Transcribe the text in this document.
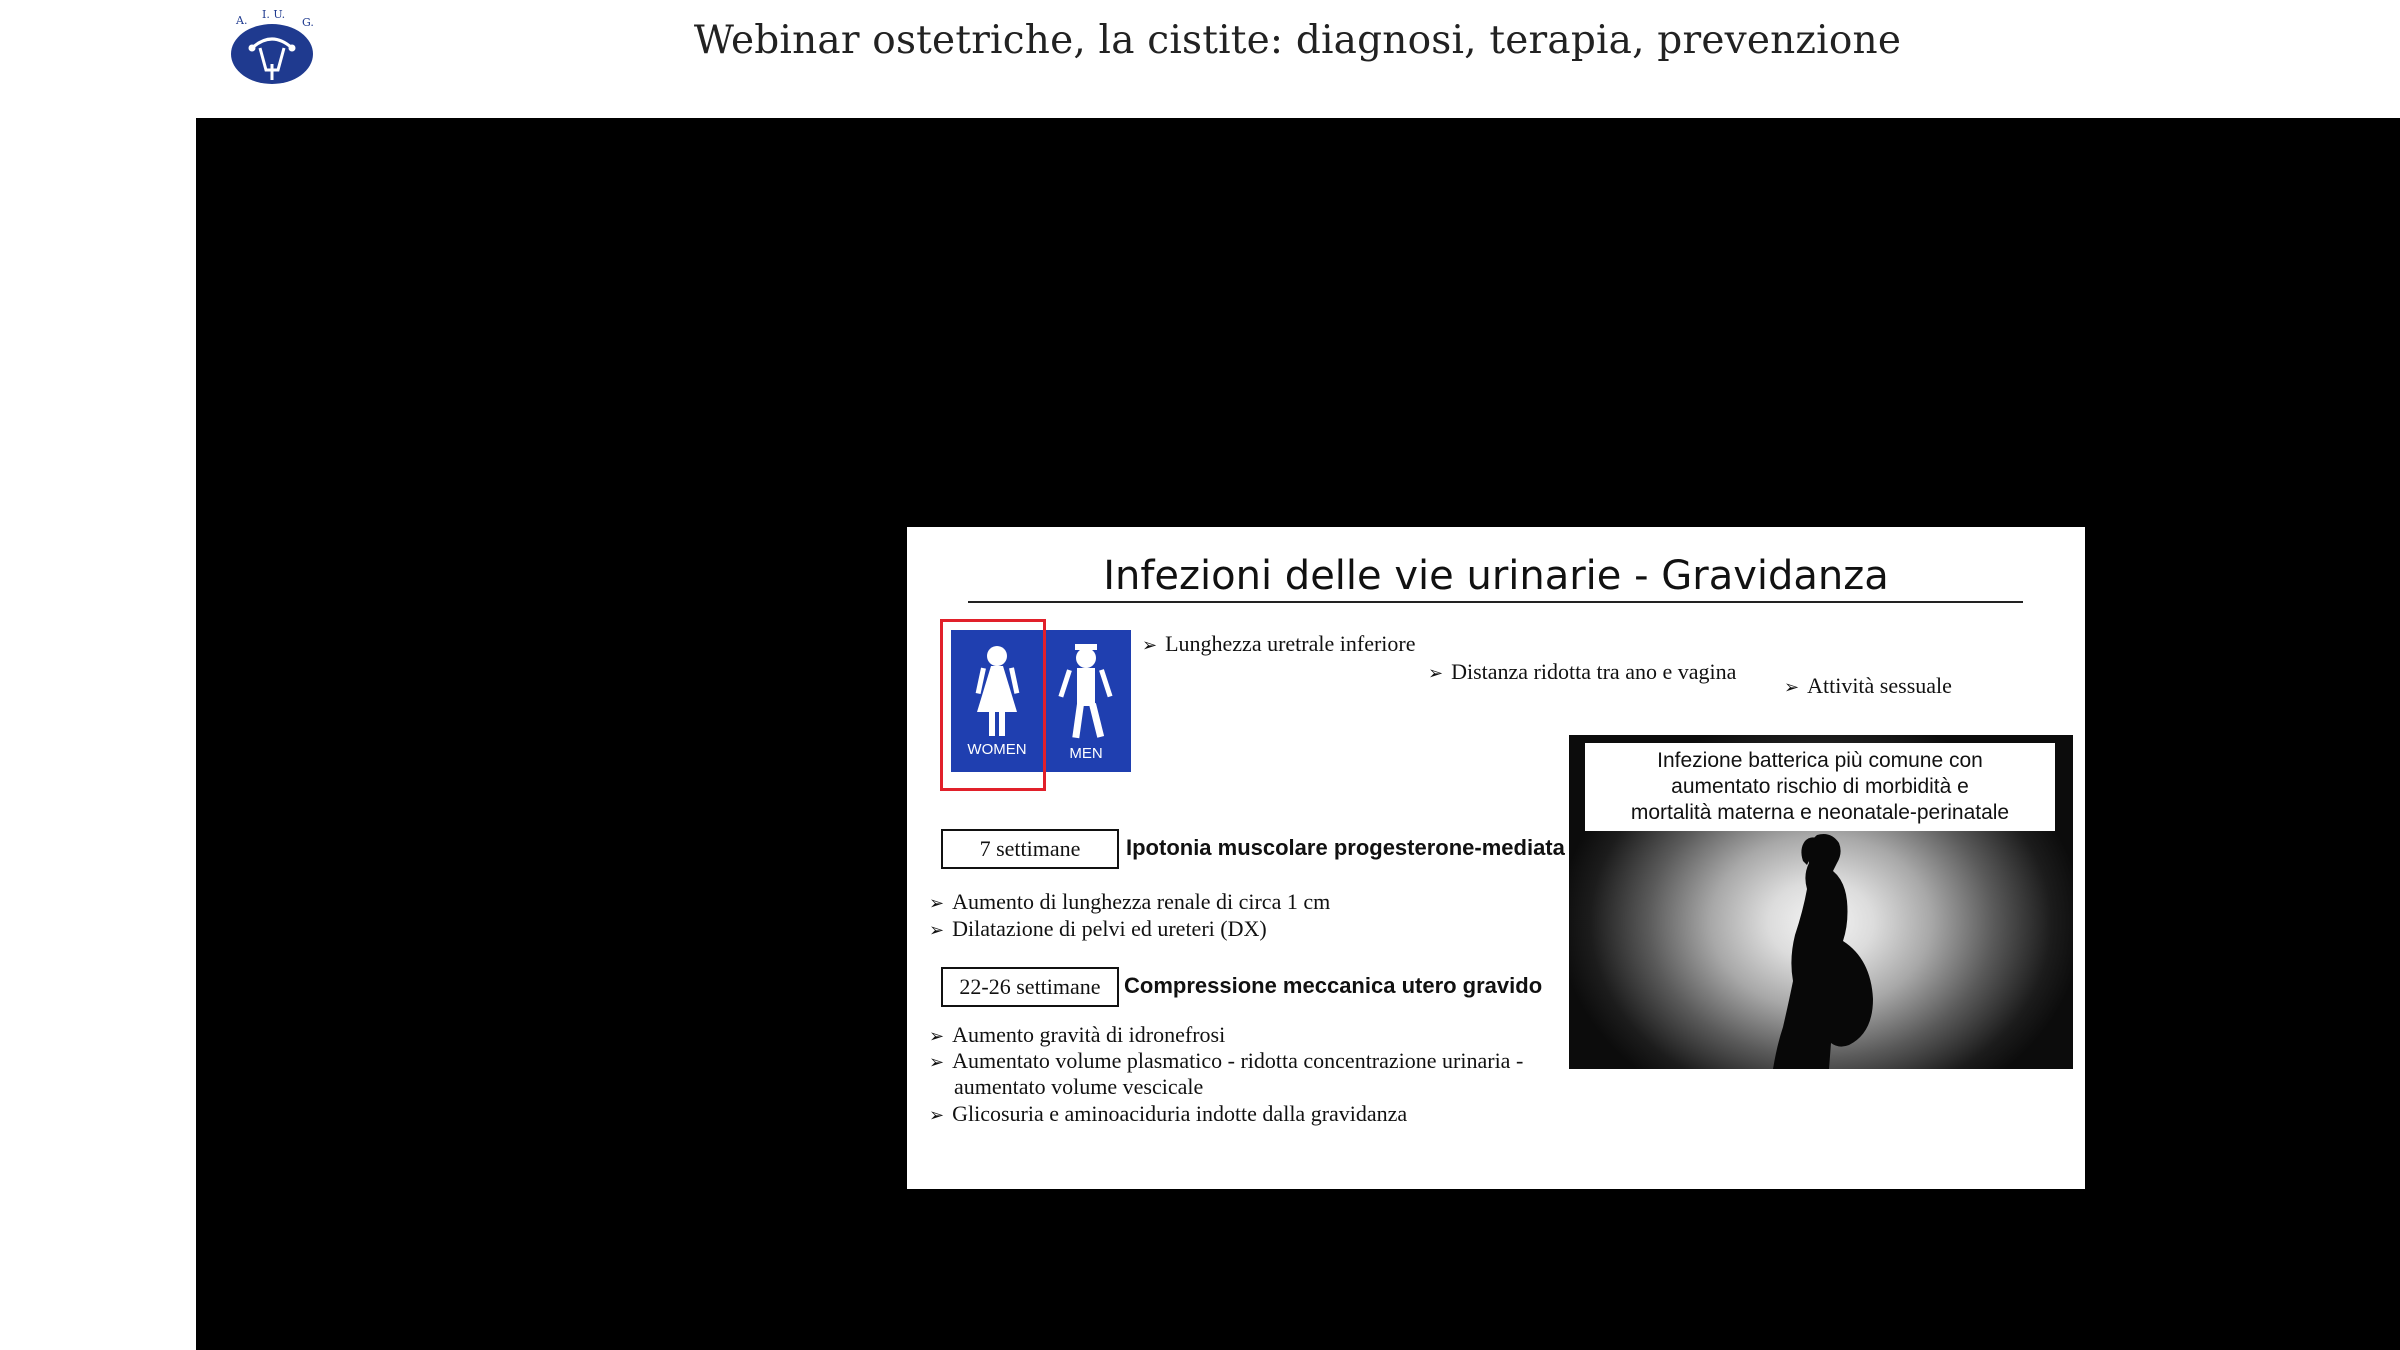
A. I. U.
G.	Webinar ostetriche, la cistite: diagnosi, terapia, prevenzione
Infezioni delle vie urinarie - Gravidanza
WOMEN	MEN
➢ Lunghezza uretrale inferiore
➢ Distanza ridotta tra ano e vagina
➢ Attività sessuale
7 settimane	Ipotonia muscolare progesterone-mediata
➢ Aumento di lunghezza renale di circa 1 cm
➢ Dilatazione di pelvi ed ureteri (DX)
22-26 settimane	Compressione meccanica utero gravido
➢ Aumento gravità di idronefrosi
➢ Aumentato volume plasmatico - ridotta concentrazione urinaria -
aumentato volume vescicale
➢ Glicosuria e aminoaciduria indotte dalla gravidanza
Infezione batterica più comune con
aumentato rischio di morbidità e
mortalità materna e neonatale-perinatale
